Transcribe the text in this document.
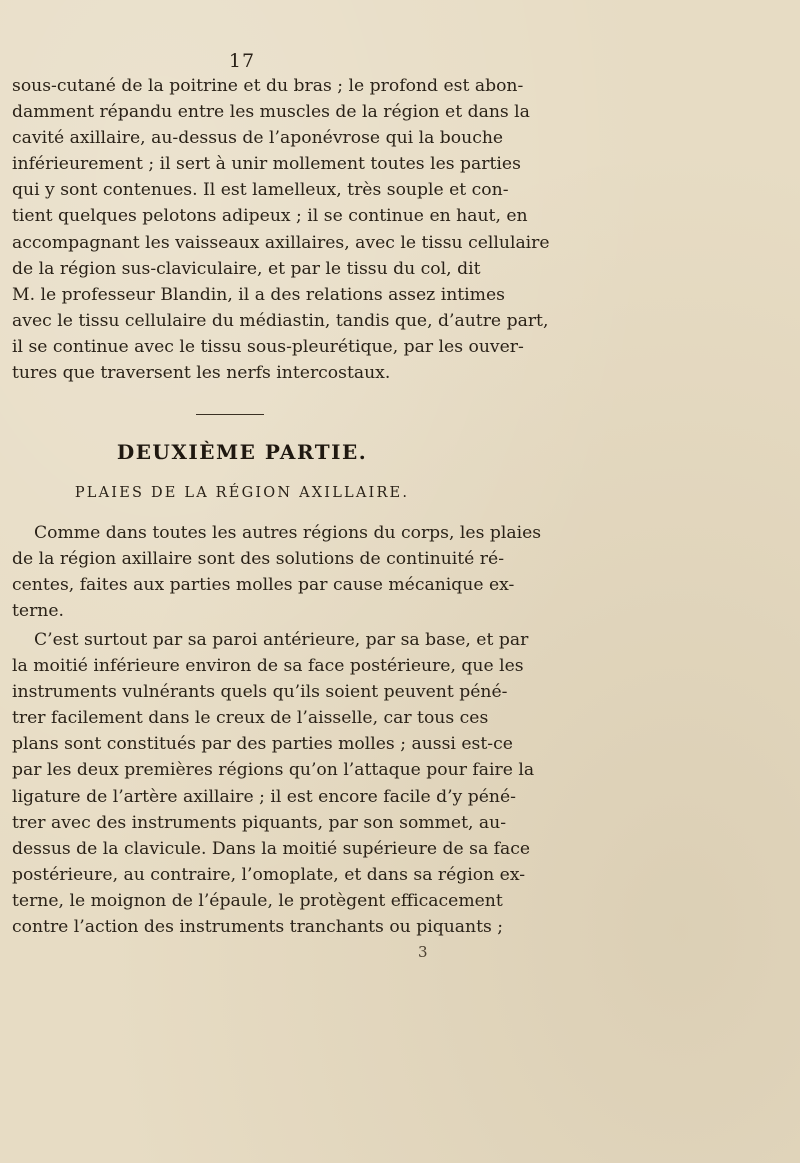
17
sous-cutané de la poitrine et du bras ; le profond est abon-
damment répandu entre les muscles de la région et dans la
cavité axillaire, au-dessus de l’aponévrose qui la bouche
inférieurement ; il sert à unir mollement toutes les parties
qui y sont contenues. Il est lamelleux, très souple et con-
tient quelques pelotons adipeux ; il se continue en haut, en
accompagnant les vaisseaux axillaires, avec le tissu cellulaire
de la région sus-claviculaire, et par le tissu du col, dit
M. le professeur Blandin, il a des relations assez intimes
avec le tissu cellulaire du médiastin, tandis que, d’autre part,
il se continue avec le tissu sous-pleurétique, par les ouver-
tures que traversent les nerfs intercostaux.
DEUXIÈME PARTIE.
PLAIES DE LA RÉGION AXILLAIRE.
Comme dans toutes les autres régions du corps, les plaies
de la région axillaire sont des solutions de continuité ré-
centes, faites aux parties molles par cause mécanique ex-
terne.
C’est surtout par sa paroi antérieure, par sa base, et par
la moitié inférieure environ de sa face postérieure, que les
instruments vulnérants quels qu’ils soient peuvent péné-
trer facilement dans le creux de l’aisselle, car tous ces
plans sont constitués par des parties molles ; aussi est-ce
par les deux premières régions qu’on l’attaque pour faire la
ligature de l’artère axillaire ; il est encore facile d’y péné-
trer avec des instruments piquants, par son sommet, au-
dessus de la clavicule. Dans la moitié supérieure de sa face
postérieure, au contraire, l’omoplate, et dans sa région ex-
terne, le moignon de l’épaule, le protègent efficacement
contre l’action des instruments tranchants ou piquants ;
3
